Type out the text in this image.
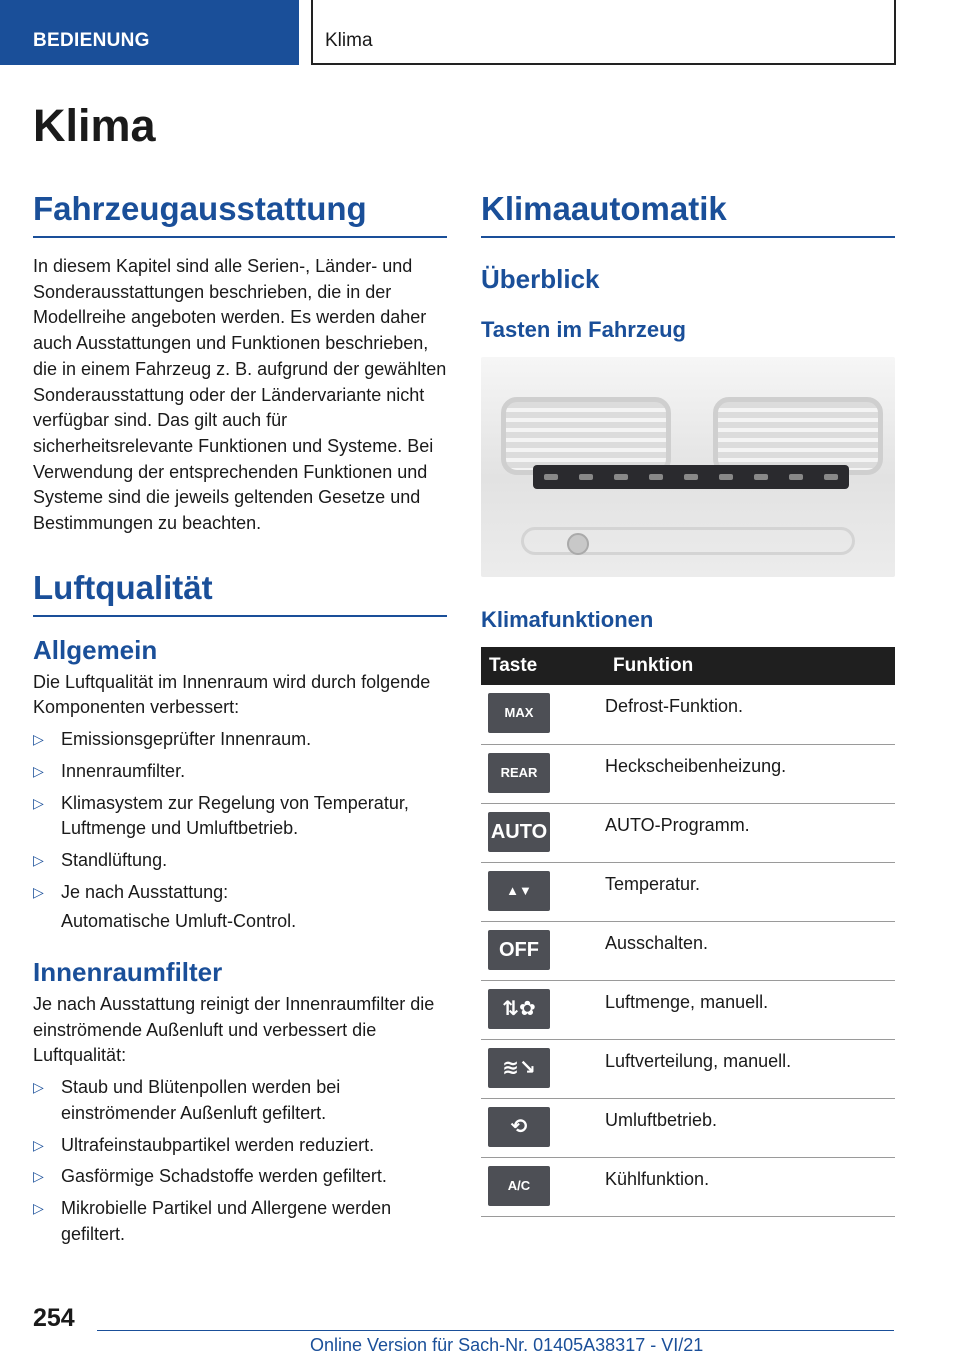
BEDIENUNG	Klima
Klima
Fahrzeugausstattung

In diesem Kapitel sind alle Serien-, Länder- und Sonderausstattungen beschrieben, die in der Modellreihe angeboten werden. Es werden daher auch Ausstattungen und Funktionen beschrieben, die in einem Fahrzeug z. B. aufgrund der gewählten Sonderausstattung oder der Ländervariante nicht verfügbar sind. Das gilt auch für sicherheitsrelevante Funktionen und Systeme. Bei Verwendung der entsprechenden Funktionen und Systeme sind die jeweils geltenden Gesetze und Bestimmungen zu beachten.

Luftqualität
Allgemein

Die Luftqualität im Innenraum wird durch folgende Komponenten verbessert:

▷ Emissionsgeprüfter Innenraum.
▷ Innenraumfilter.
▷ Klimasystem zur Regelung von Temperatur, Luftmenge und Umluftbetrieb.
▷ Standlüftung.
▷ Je nach Ausstattung:
Automatische Umluft-Control.
Innenraumfilter

Je nach Ausstattung reinigt der Innenraumfilter die einströmende Außenluft und verbessert die Luftqualität:

▷ Staub und Blütenpollen werden bei einströmender Außenluft gefiltert.
▷ Ultrafeinstaubpartikel werden reduziert.
▷ Gasförmige Schadstoffe werden gefiltert.
▷ Mikrobielle Partikel und Allergene werden gefiltert.
Klimaautomatik
Überblick
Tasten im Fahrzeug
Klimafunktionen
Taste	Funktion

MAX	Defrost-Funktion.

REAR	Heckscheibenheizung.

AUTO	AUTO-Programm.

▲▼	Temperatur.

OFF	Ausschalten.

⇅✿	Luftmenge, manuell.

≋↘	Luftverteilung, manuell.

⟲	Umluftbetrieb.

A/C	Kühlfunktion.
254
Online Version für Sach-Nr. 01405A38317 - VI/21
